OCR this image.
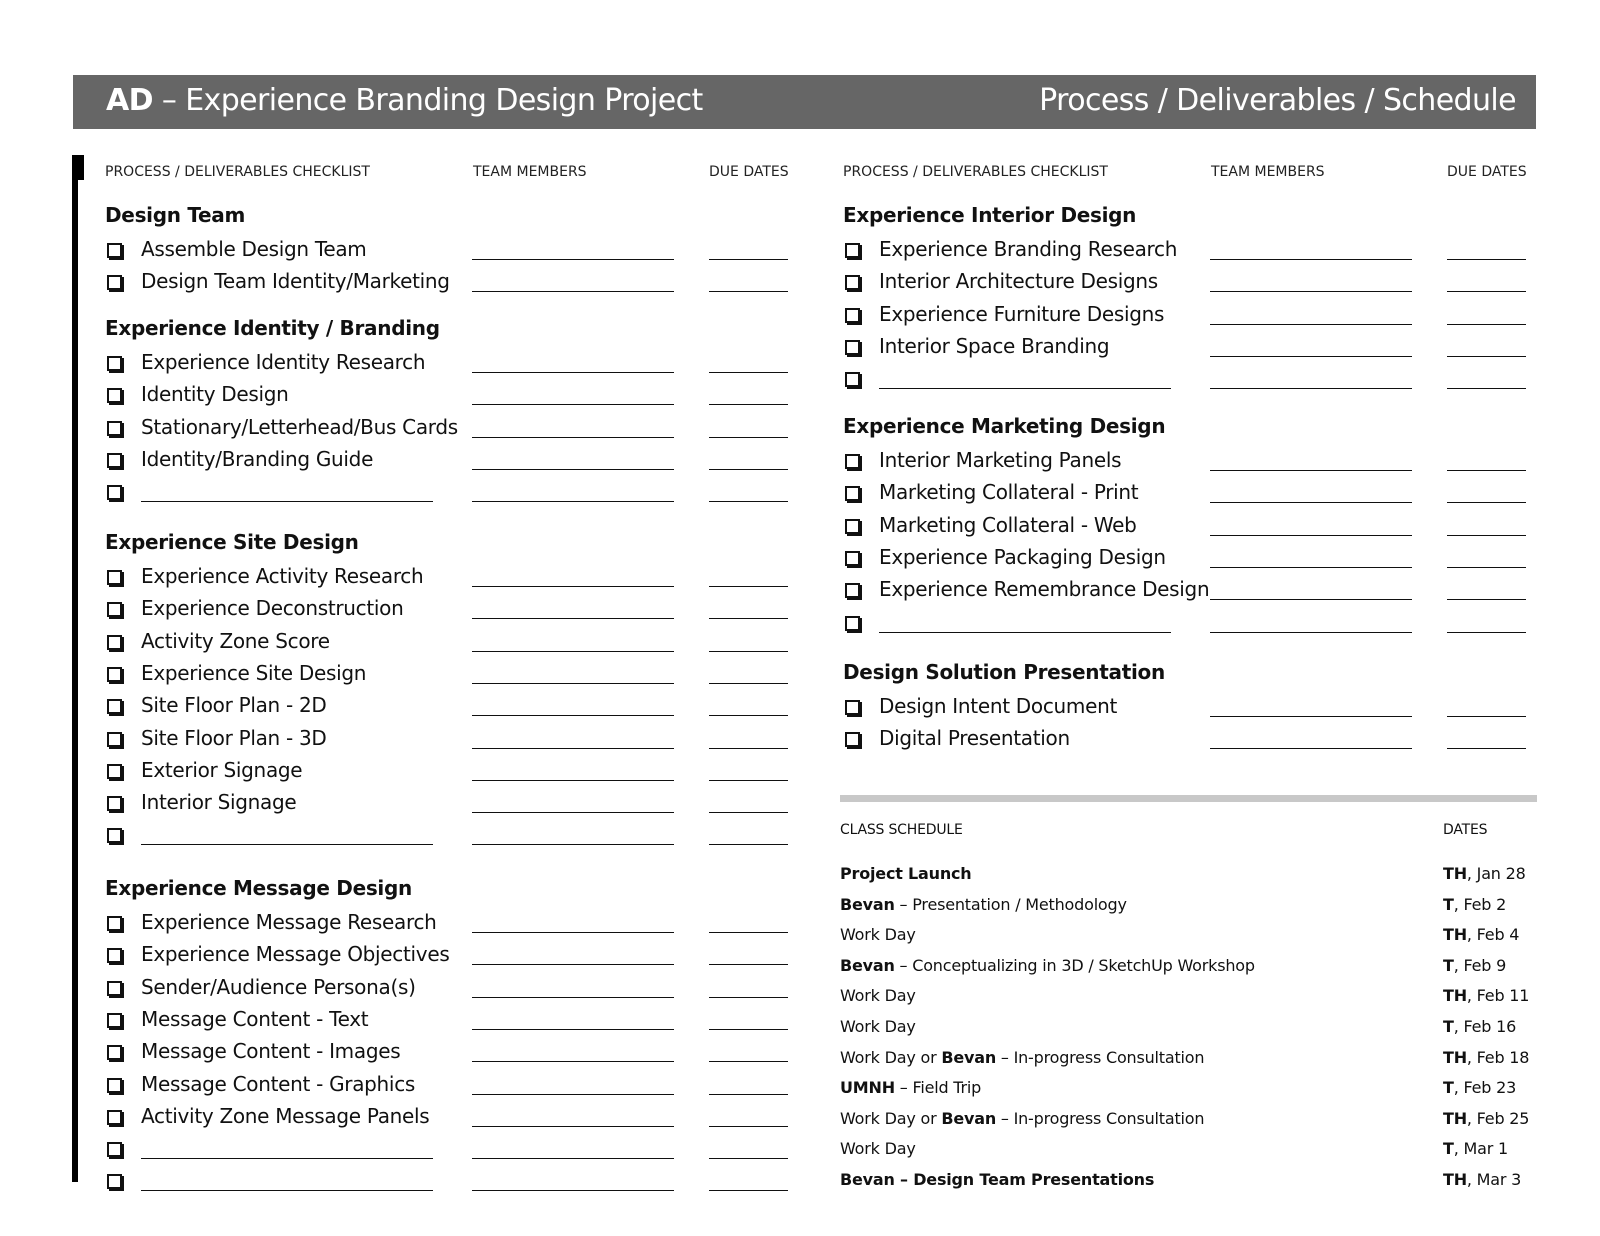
AD – Experience Branding Design Project	Process / Deliverables / Schedule
PROCESS / DELIVERABLES CHECKLIST	TEAM MEMBERS	DUE DATES	PROCESS / DELIVERABLES CHECKLIST	TEAM MEMBERS	DUE DATES
Design Team
Assemble Design Team
Design Team Identity/Marketing
Experience Identity / Branding
Experience Identity Research
Identity Design
Stationary/Letterhead/Bus Cards
Identity/Branding Guide
Experience Site Design
Experience Activity Research
Experience Deconstruction
Activity Zone Score
Experience Site Design
Site Floor Plan - 2D
Site Floor Plan - 3D
Exterior Signage
Interior Signage
Experience Message Design
Experience Message Research
Experience Message Objectives
Sender/Audience Persona(s)
Message Content - Text
Message Content - Images
Message Content - Graphics
Activity Zone Message Panels
Experience Interior Design
Experience Branding Research
Interior Architecture Designs
Experience Furniture Designs
Interior Space Branding
Experience Marketing Design
Interior Marketing Panels
Marketing Collateral - Print
Marketing Collateral - Web
Experience Packaging Design
Experience Remembrance Design
Design Solution Presentation
Design Intent Document
Digital Presentation
CLASS SCHEDULE	DATES
Project Launch	TH, Jan 28
Bevan – Presentation / Methodology	T, Feb 2
Work Day	TH, Feb 4
Bevan – Conceptualizing in 3D / SketchUp Workshop	T, Feb 9
Work Day	TH, Feb 11
Work Day	T, Feb 16
Work Day or Bevan – In-progress Consultation	TH, Feb 18
UMNH – Field Trip	T, Feb 23
Work Day or Bevan – In-progress Consultation	TH, Feb 25
Work Day	T, Mar 1
Bevan – Design Team Presentations	TH, Mar 3
